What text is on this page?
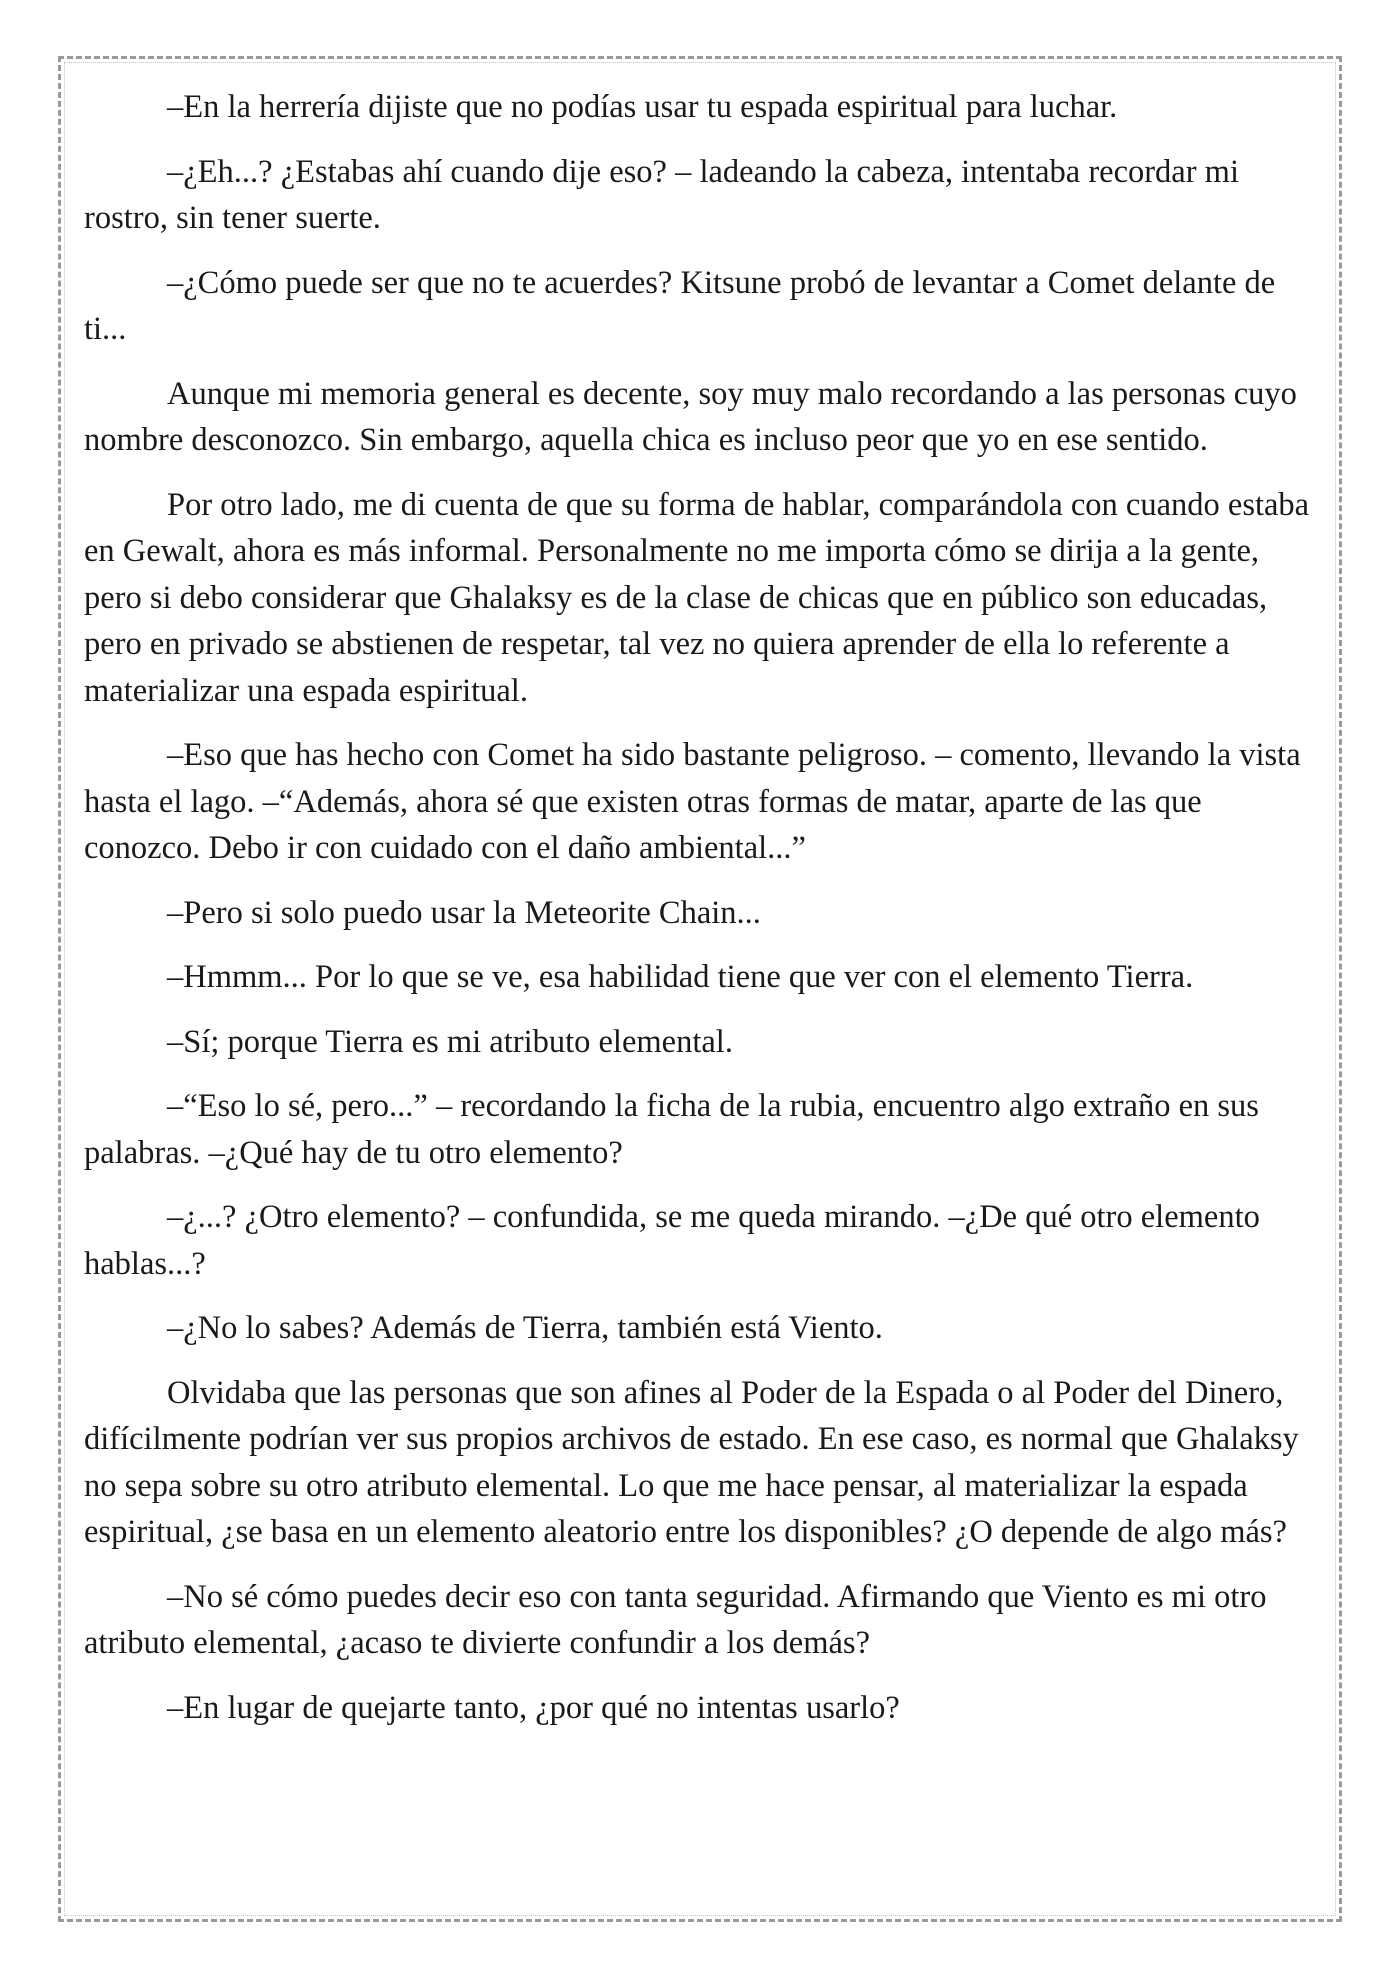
–En la herrería dijiste que no podías usar tu espada espiritual para luchar.

–¿Eh...? ¿Estabas ahí cuando dije eso? – ladeando la cabeza, intentaba recordar mi rostro, sin tener suerte.

–¿Cómo puede ser que no te acuerdes? Kitsune probó de levantar a Comet delante de ti...

Aunque mi memoria general es decente, soy muy malo recordando a las personas cuyo nombre desconozco. Sin embargo, aquella chica es incluso peor que yo en ese sentido.

Por otro lado, me di cuenta de que su forma de hablar, comparándola con cuando estaba en Gewalt, ahora es más informal. Personalmente no me importa cómo se dirija a la gente, pero si debo considerar que Ghalaksy es de la clase de chicas que en público son educadas, pero en privado se abstienen de respetar, tal vez no quiera aprender de ella lo referente a materializar una espada espiritual.

–Eso que has hecho con Comet ha sido bastante peligroso. – comento, llevando la vista hasta el lago. –“Además, ahora sé que existen otras formas de matar, aparte de las que conozco. Debo ir con cuidado con el daño ambiental...”

–Pero si solo puedo usar la Meteorite Chain...

–Hmmm... Por lo que se ve, esa habilidad tiene que ver con el elemento Tierra.

–Sí; porque Tierra es mi atributo elemental.

–“Eso lo sé, pero...” – recordando la ficha de la rubia, encuentro algo extraño en sus palabras. –¿Qué hay de tu otro elemento?

–¿...? ¿Otro elemento? – confundida, se me queda mirando. –¿De qué otro elemento hablas...?

–¿No lo sabes? Además de Tierra, también está Viento.

Olvidaba que las personas que son afines al Poder de la Espada o al Poder del Dinero, difícilmente podrían ver sus propios archivos de estado. En ese caso, es normal que Ghalaksy no sepa sobre su otro atributo elemental. Lo que me hace pensar, al materializar la espada espiritual, ¿se basa en un elemento aleatorio entre los disponibles? ¿O depende de algo más?

–No sé cómo puedes decir eso con tanta seguridad. Afirmando que Viento es mi otro atributo elemental, ¿acaso te divierte confundir a los demás?

–En lugar de quejarte tanto, ¿por qué no intentas usarlo?
